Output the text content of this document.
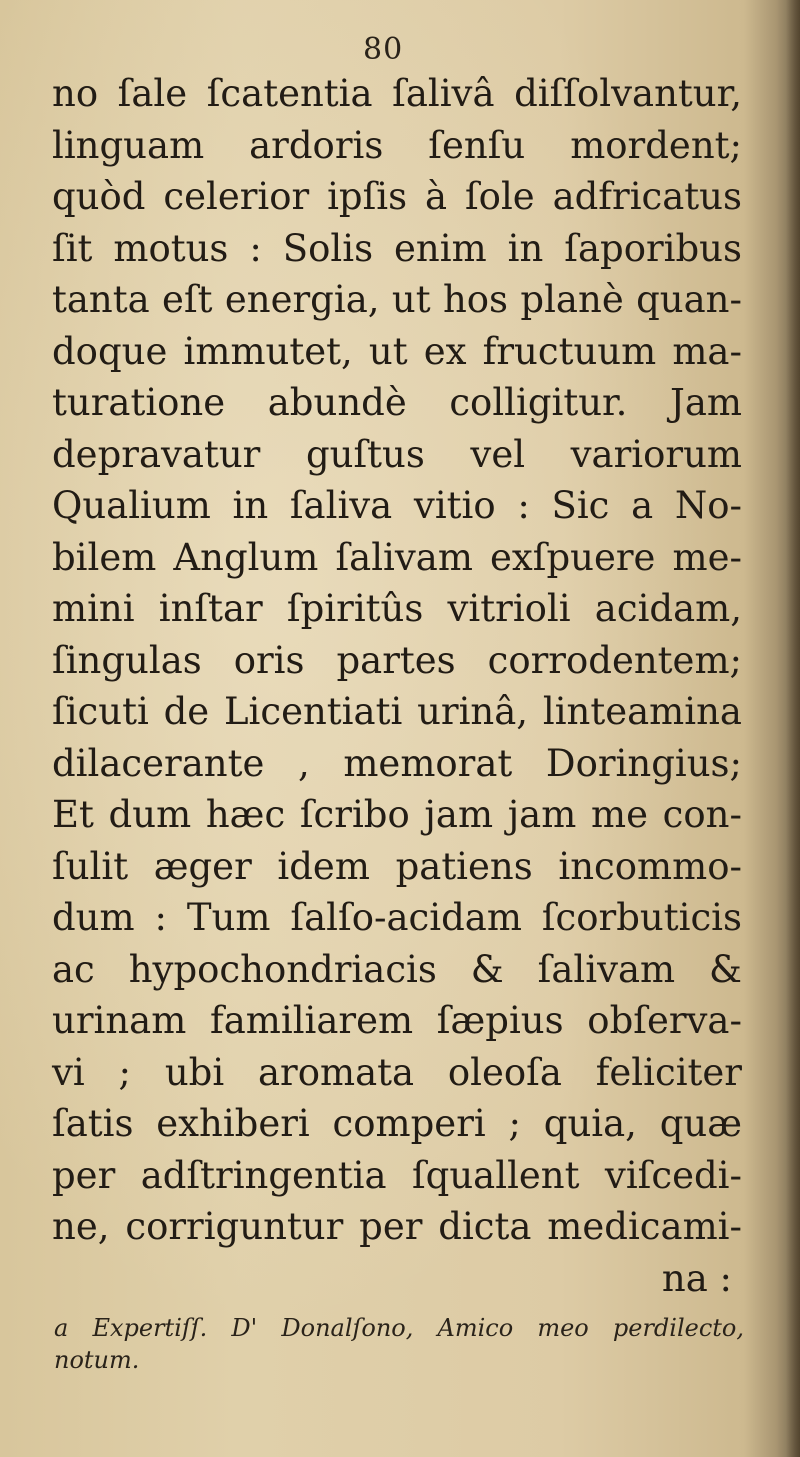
80
no ſale ſcatentia ſalivâ diſſolvantur,
linguam ardoris ſenſu mordent;
quòd celerior ipſis à ſole adfricatus
ſit motus : Solis enim in ſaporibus
tanta eſt energia, ut hos planè quan-
doque immutet, ut ex fructuum ma-
turatione abundè colligitur. Jam
depravatur guſtus vel variorum
Qualium in ſaliva vitio : Sic a No-
bilem Anglum ſalivam exſpuere me-
mini inſtar ſpiritûs vitrioli acidam,
ſingulas oris partes corrodentem;
ſicuti de Licentiati urinâ, linteamina
dilacerante , memorat Doringius;
Et dum hæc ſcribo jam jam me con-
ſulit æger idem patiens incommo-
dum : Tum ſalſo-acidam ſcorbuticis
ac hypochondriacis & ſalivam &
urinam familiarem ſæpius obſerva-
vi ; ubi aromata oleoſa feliciter
ſatis exhiberi comperi ; quia, quæ
per adſtringentia ſquallent viſcedi-
ne, corriguntur per dicta medicami-
na :
a Expertiſſ. D' Donalſono, Amico meo perdilecto,
notum.
